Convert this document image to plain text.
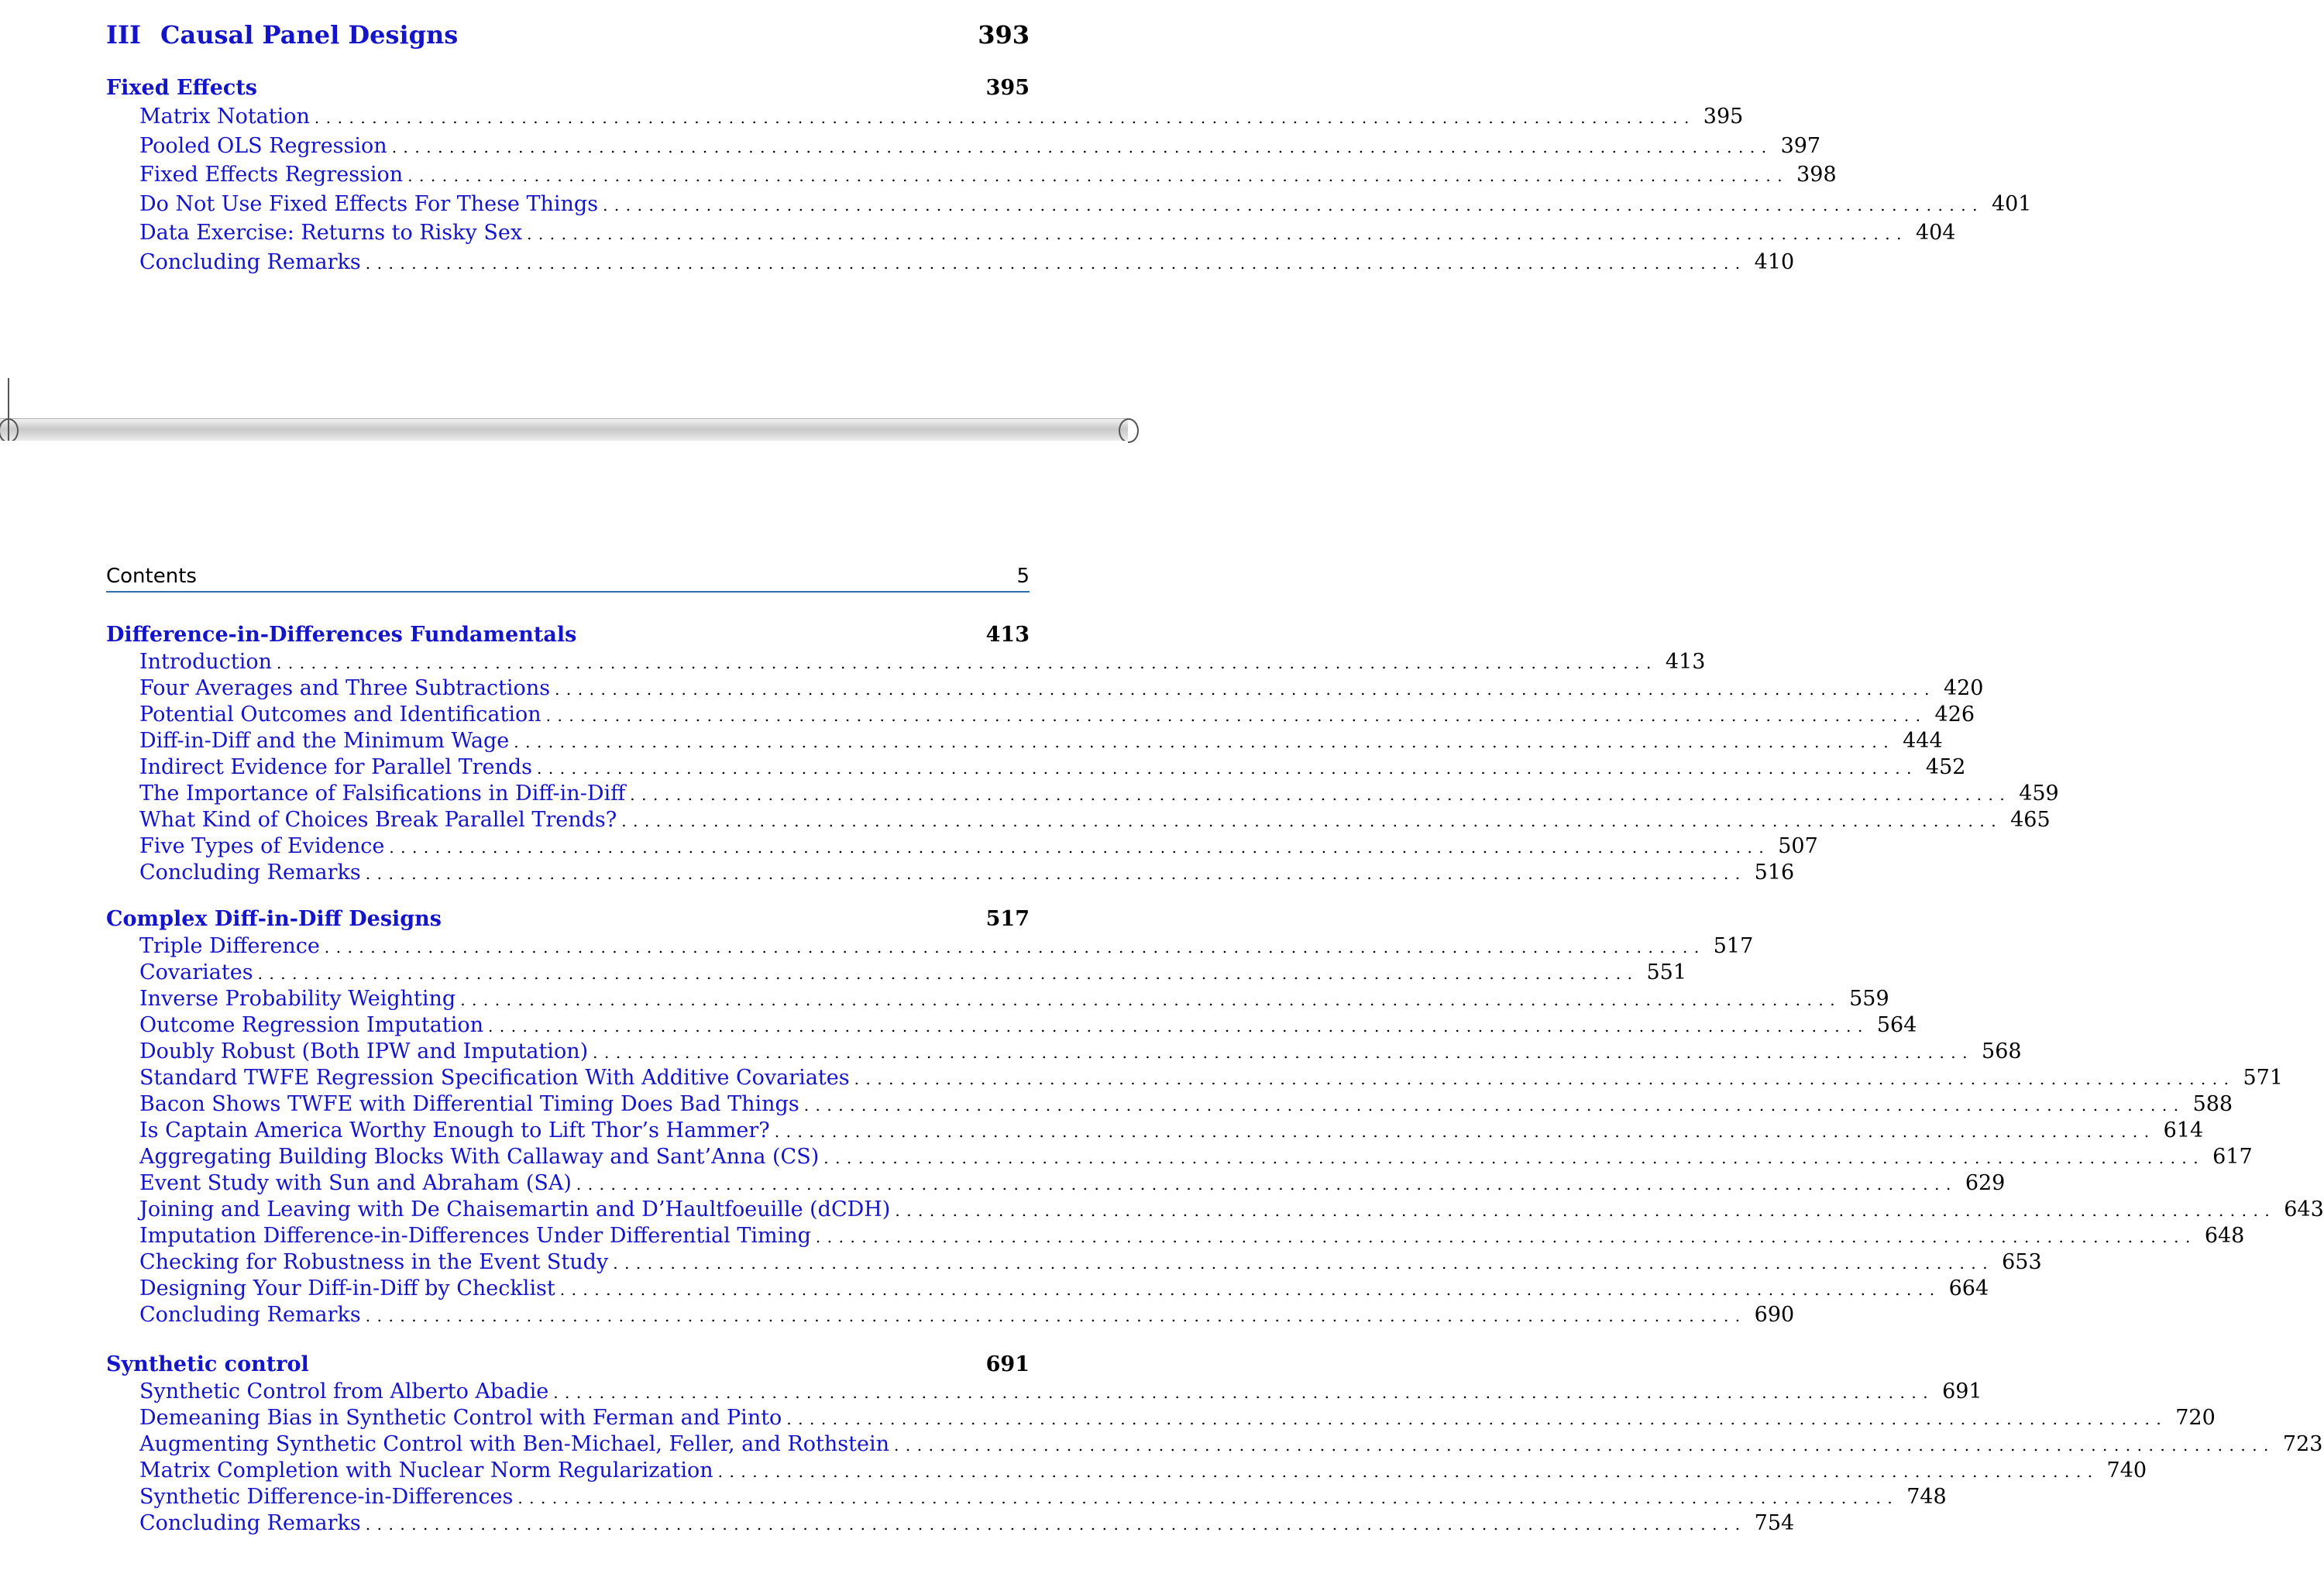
III Causal Panel Designs	393
Fixed Effects	395
Matrix Notation ........................................................................................................................ 395
Pooled OLS Regression ........................................................................................................................ 397
Fixed Effects Regression ........................................................................................................................ 398
Do Not Use Fixed Effects For These Things ........................................................................................................................ 401
Data Exercise: Returns to Risky Sex ........................................................................................................................ 404
Concluding Remarks ........................................................................................................................ 410
Contents	5
Difference-in-Differences Fundamentals	413
Introduction ........................................................................................................................ 413
Four Averages and Three Subtractions ........................................................................................................................ 420
Potential Outcomes and Identification ........................................................................................................................ 426
Diff-in-Diff and the Minimum Wage ........................................................................................................................ 444
Indirect Evidence for Parallel Trends ........................................................................................................................ 452
The Importance of Falsifications in Diff-in-Diff ........................................................................................................................ 459
What Kind of Choices Break Parallel Trends? ........................................................................................................................ 465
Five Types of Evidence ........................................................................................................................ 507
Concluding Remarks ........................................................................................................................ 516
Complex Diff-in-Diff Designs	517
Triple Difference ........................................................................................................................ 517
Covariates ........................................................................................................................ 551
Inverse Probability Weighting ........................................................................................................................ 559
Outcome Regression Imputation ........................................................................................................................ 564
Doubly Robust (Both IPW and Imputation) ........................................................................................................................ 568
Standard TWFE Regression Specification With Additive Covariates ........................................................................................................................ 571
Bacon Shows TWFE with Differential Timing Does Bad Things ........................................................................................................................ 588
Is Captain America Worthy Enough to Lift Thor’s Hammer? ........................................................................................................................ 614
Aggregating Building Blocks With Callaway and Sant’Anna (CS) ........................................................................................................................ 617
Event Study with Sun and Abraham (SA) ........................................................................................................................ 629
Joining and Leaving with De Chaisemartin and D’Haultfoeuille (dCDH) ........................................................................................................................ 643
Imputation Difference-in-Differences Under Differential Timing ........................................................................................................................ 648
Checking for Robustness in the Event Study ........................................................................................................................ 653
Designing Your Diff-in-Diff by Checklist ........................................................................................................................ 664
Concluding Remarks ........................................................................................................................ 690
Synthetic control	691
Synthetic Control from Alberto Abadie ........................................................................................................................ 691
Demeaning Bias in Synthetic Control with Ferman and Pinto ........................................................................................................................ 720
Augmenting Synthetic Control with Ben-Michael, Feller, and Rothstein ........................................................................................................................ 723
Matrix Completion with Nuclear Norm Regularization ........................................................................................................................ 740
Synthetic Difference-in-Differences ........................................................................................................................ 748
Concluding Remarks ........................................................................................................................ 754
